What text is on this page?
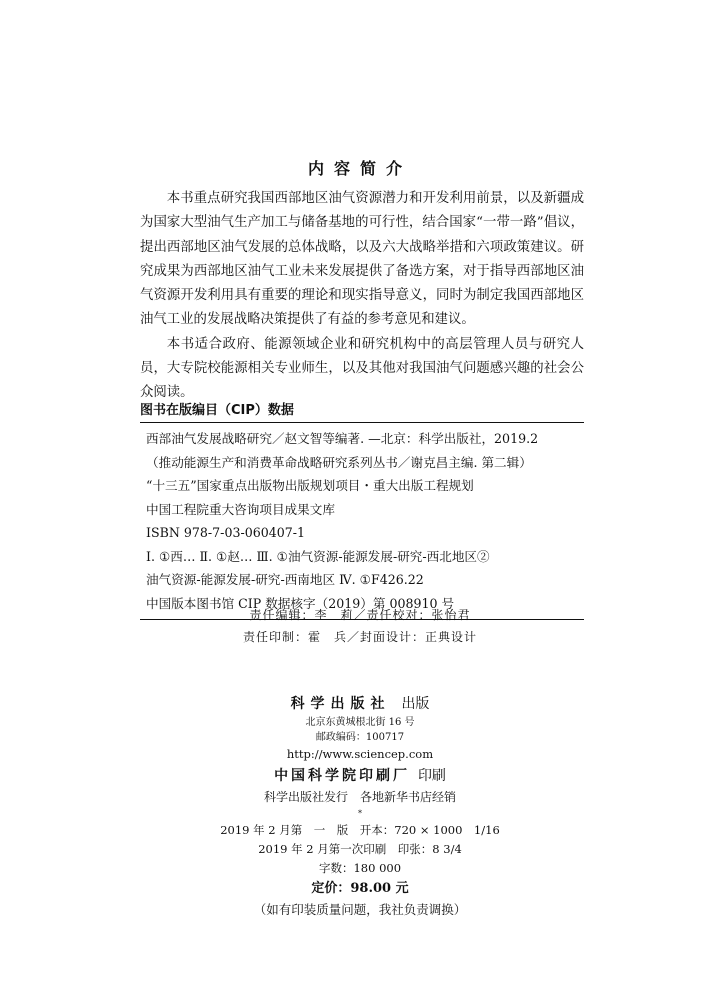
内容简介

本书重点研究我国西部地区油气资源潜力和开发利用前景，以及新疆成为国家大型油气生产加工与储备基地的可行性，结合国家“一带一路”倡议，提出西部地区油气发展的总体战略，以及六大战略举措和六项政策建议。研究成果为西部地区油气工业未来发展提供了备选方案，对于指导西部地区油气资源开发利用具有重要的理论和现实指导意义，同时为制定我国西部地区油气工业的发展战略决策提供了有益的参考意见和建议。

本书适合政府、能源领域企业和研究机构中的高层管理人员与研究人员，大专院校能源相关专业师生，以及其他对我国油气问题感兴趣的社会公众阅读。

图书在版编目（CIP）数据
西部油气发展战略研究／赵文智等编著. —北京：科学出版社，2019.2
（推动能源生产和消费革命战略研究系列丛书／谢克昌主编. 第二辑）
“十三五”国家重点出版物出版规划项目・重大出版工程规划
中国工程院重大咨询项目成果文库
ISBN 978-7-03-060407-1
Ⅰ. ①西… Ⅱ. ①赵… Ⅲ. ①油气资源-能源发展-研究-西北地区②
油气资源-能源发展-研究-西南地区 Ⅳ. ①F426.22
中国版本图书馆 CIP 数据核字（2019）第 008910 号
责任编辑：李　莉／责任校对：张怡君
责任印制：霍　兵／封面设计：正典设计
科学出版社 出版
北京东黄城根北街 16 号
邮政编码：100717
http://www.sciencep.com
中国科学院印刷厂 印刷
科学出版社发行　各地新华书店经销
*
2019 年 2 月第　一　版　开本：720 × 1000　1/16
2019 年 2 月第一次印刷　印张：8 3/4
字数：180 000
定价：98.00 元
（如有印装质量问题，我社负责调换）
